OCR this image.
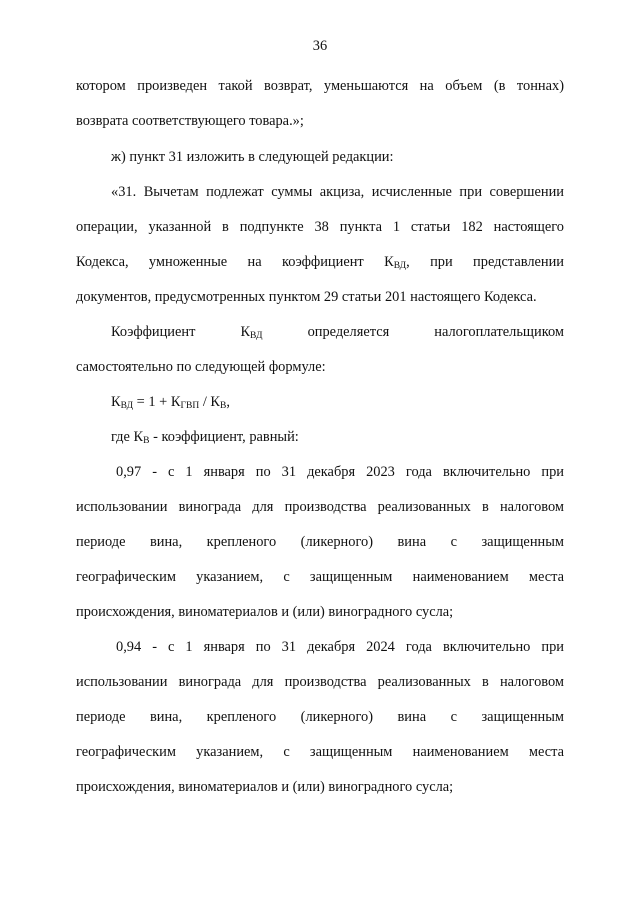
36
котором произведен такой возврат, уменьшаются на объем (в тоннах)
возврата соответствующего товара.»;
ж) пункт 31 изложить в следующей редакции:
«31. Вычетам подлежат суммы акциза, исчисленные при совершении
операции, указанной в подпункте 38 пункта 1 статьи 182 настоящего
Кодекса, умноженные на коэффициент $К_{ВД}$, при представлении
документов, предусмотренных пунктом 29 статьи 201 настоящего Кодекса.
Коэффициент	$К_{ВД}$	определяется налогоплательщиком
самостоятельно по следующей формуле:
$К_{ВД} = 1 + К_{ГВП} / К_В$,
где $К_В$ - коэффициент, равный:
0,97 - с 1 января по 31 декабря 2023 года включительно при
использовании винограда для производства реализованных в налоговом
периоде вина, крепленого (ликерного) вина с защищенным
географическим указанием, с защищенным наименованием места
происхождения, виноматериалов и (или) виноградного сусла;
0,94 - с 1 января по 31 декабря 2024 года включительно при
использовании винограда для производства реализованных в налоговом
периоде вина, крепленого (ликерного) вина с защищенным
географическим указанием, с защищенным наименованием места
происхождения, виноматериалов и (или) виноградного сусла;
